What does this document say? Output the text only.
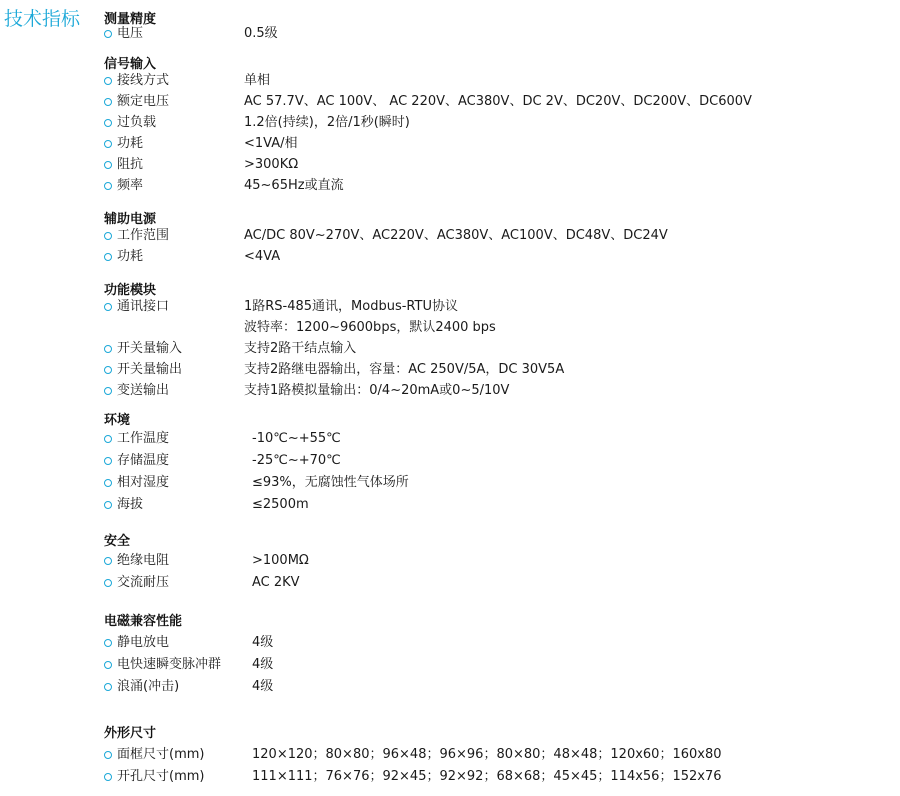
技术指标 测量精度
电压	0.5级
信号输入
接线方式	单相
额定电压	AC 57.7V、AC 100V、 AC 220V、AC380V、DC 2V、DC20V、DC200V、DC600V
过负载	1.2倍(持续)，2倍/1秒(瞬时)
功耗	<1VA/相
阻抗	>300KΩ
频率	45~65Hz或直流
辅助电源
工作范围	AC/DC 80V~270V、AC220V、AC380V、AC100V、DC48V、DC24V
功耗	<4VA
功能模块
通讯接口	1路RS-485通讯，Modbus-RTU协议
波特率：1200~9600bps，默认2400 bps
开关量输入	支持2路干结点输入
开关量输出	支持2路继电器输出，容量：AC 250V/5A，DC 30V5A
变送输出	支持1路模拟量输出：0/4~20mA或0~5/10V
环境
工作温度	-10℃~+55℃
存储温度	-25℃~+70℃
相对湿度	≤93%，无腐蚀性气体场所
海拔	≤2500m
安全
绝缘电阻	>100MΩ
交流耐压	AC 2KV
电磁兼容性能
静电放电	4级
电快速瞬变脉冲群 4级
浪涌(冲击)	4级
外形尺寸
面框尺寸(mm)	120×120；80×80；96×48；96×96；80×80；48×48；120x60；160x80
开孔尺寸(mm)	111×111；76×76；92×45；92×92；68×68；45×45；114x56；152x76
